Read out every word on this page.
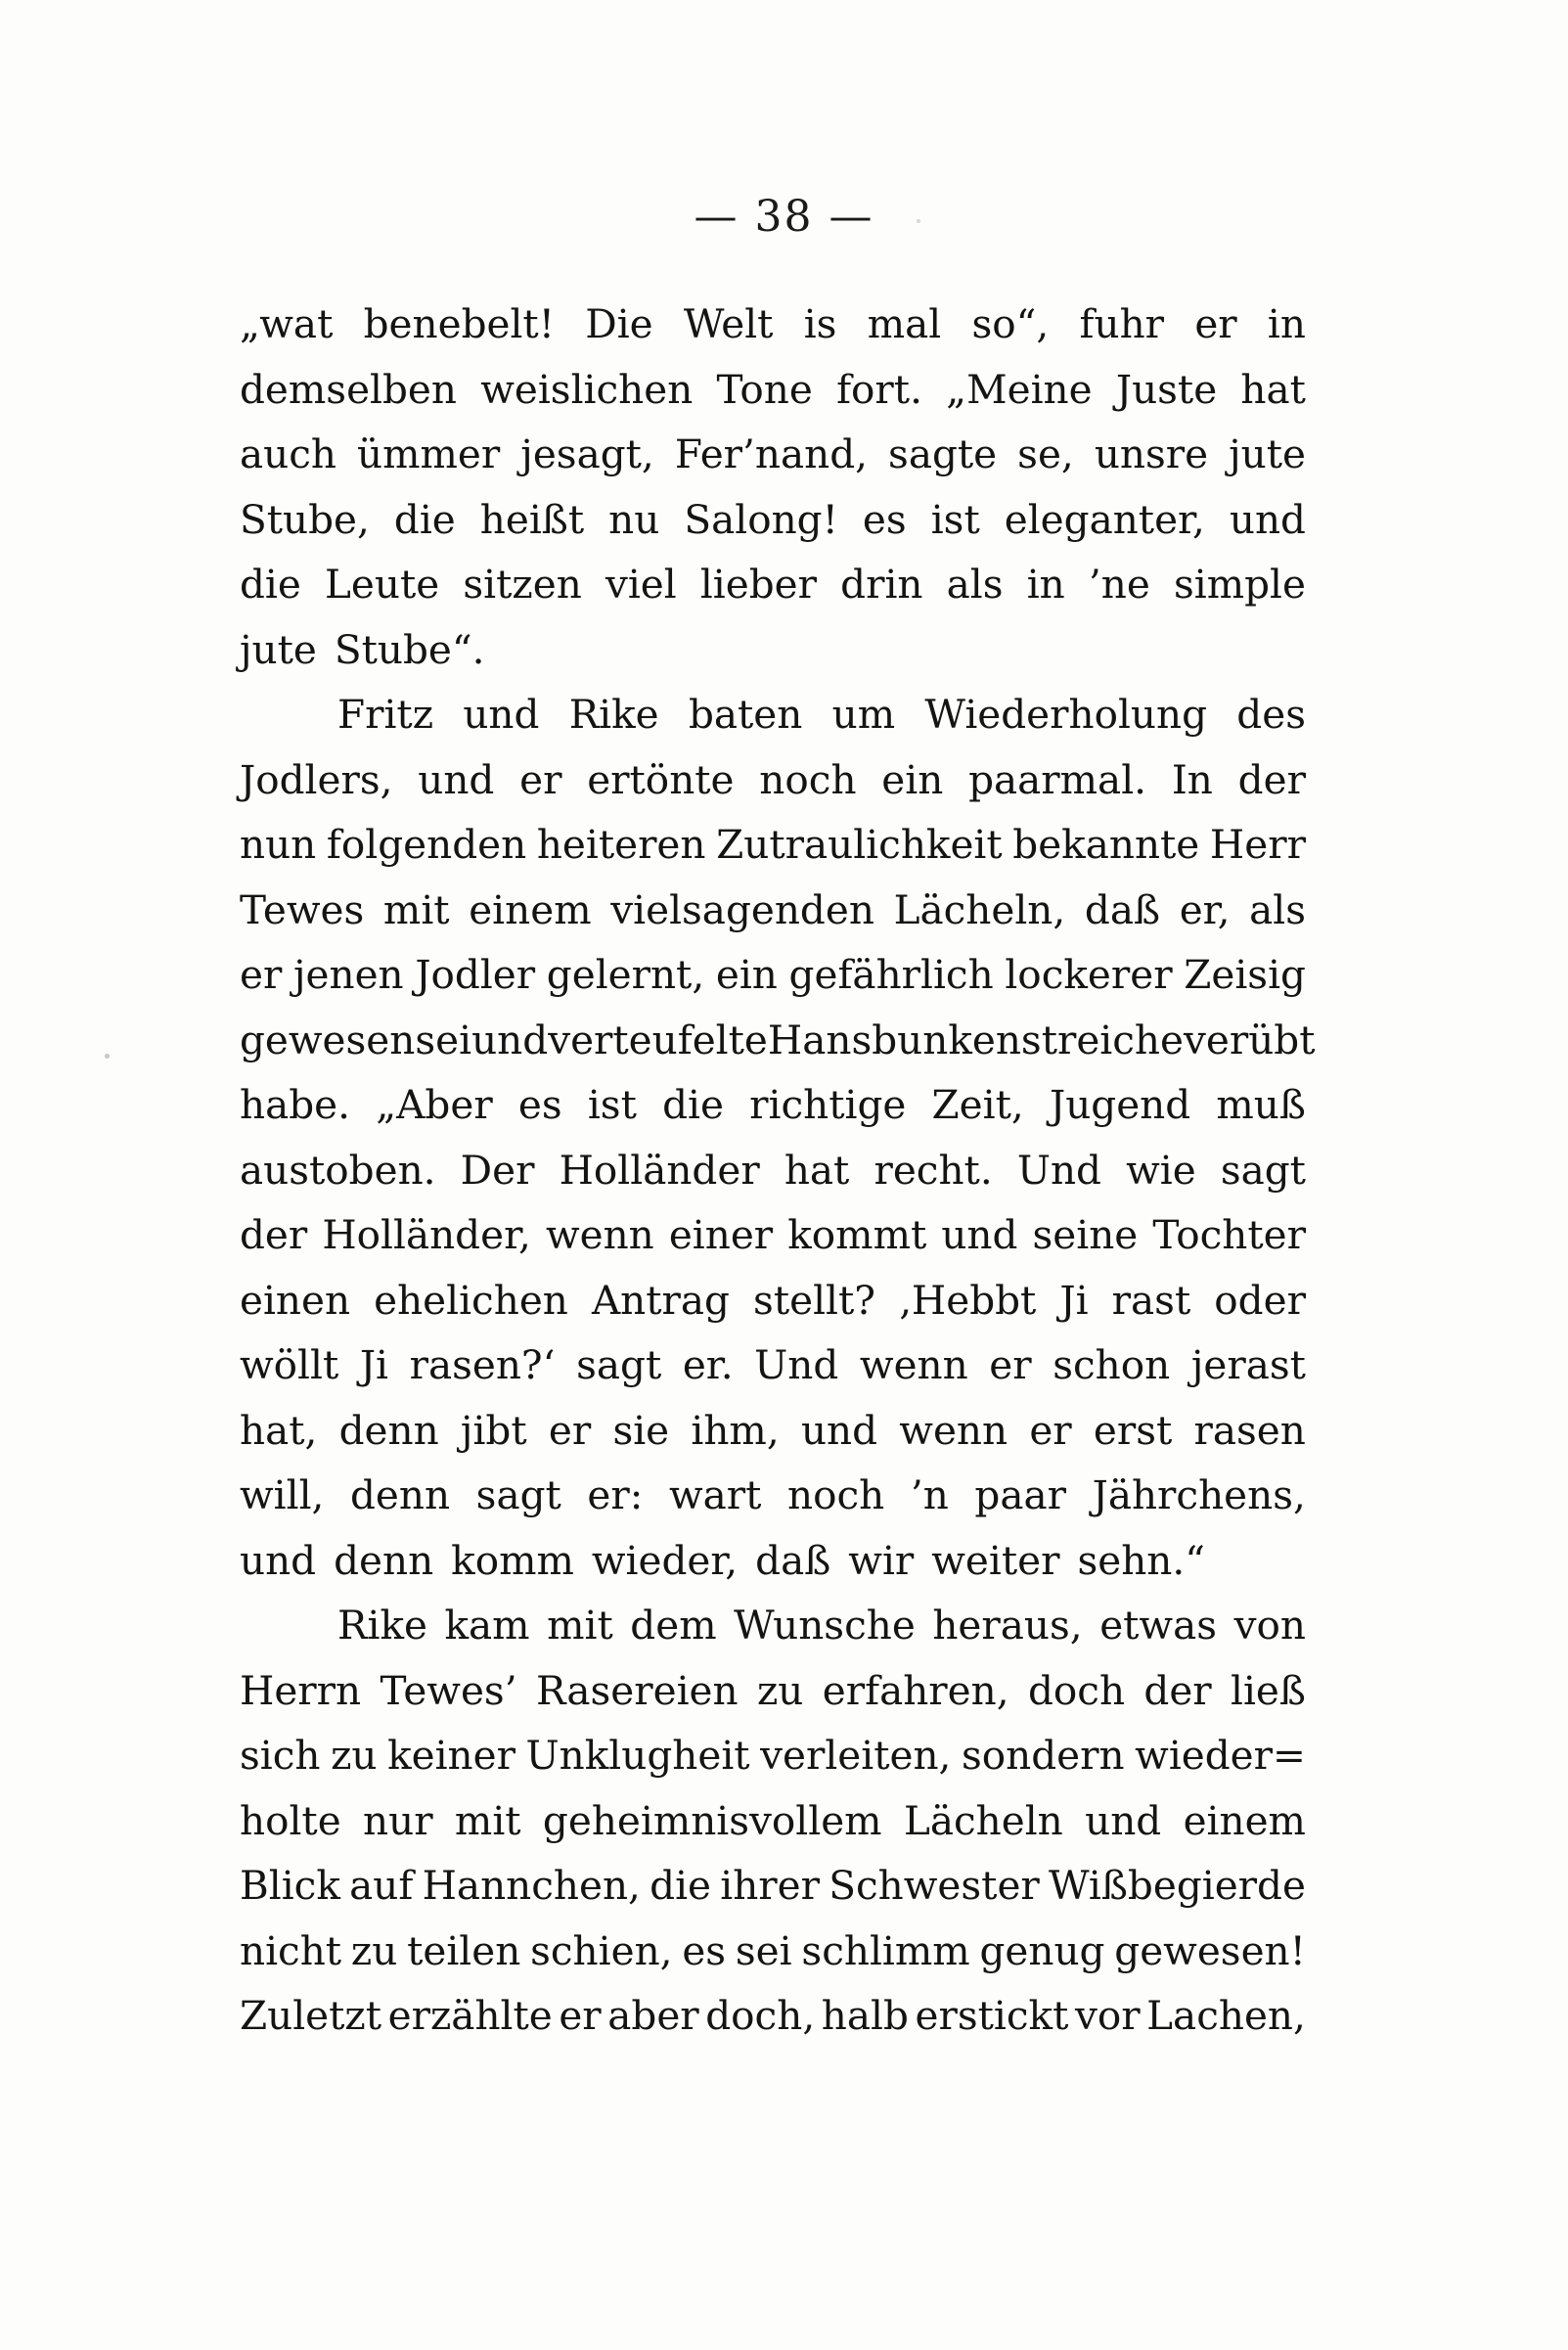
— 38 —
„wat benebelt! Die Welt is mal so“, fuhr er in
demselben weislichen Tone fort. „Meine Juste hat
auch ümmer jesagt, Fer’nand, sagte se, unsre jute
Stube, die heißt nu Salong! es ist eleganter, und
die Leute sitzen viel lieber drin als in ’ne simple
jute Stube“.
Fritz und Rike baten um Wiederholung des
Jodlers, und er ertönte noch ein paarmal. In der
nun folgenden heiteren Zutraulichkeit bekannte Herr
Tewes mit einem vielsagenden Lächeln, daß er, als
er jenen Jodler gelernt, ein gefährlich lockerer Zeisig
gewesen sei und verteufelte Hansbunkenstreiche verübt
habe. „Aber es ist die richtige Zeit, Jugend muß
austoben. Der Holländer hat recht. Und wie sagt
der Holländer, wenn einer kommt und seine Tochter
einen ehelichen Antrag stellt? ‚Hebbt Ji rast oder
wöllt Ji rasen?‘ sagt er. Und wenn er schon jerast
hat, denn jibt er sie ihm, und wenn er erst rasen
will, denn sagt er: wart noch ’n paar Jährchens,
und denn komm wieder, daß wir weiter sehn.“
Rike kam mit dem Wunsche heraus, etwas von
Herrn Tewes’ Rasereien zu erfahren, doch der ließ
sich zu keiner Unklugheit verleiten, sondern wieder=
holte nur mit geheimnisvollem Lächeln und einem
Blick auf Hannchen, die ihrer Schwester Wißbegierde
nicht zu teilen schien, es sei schlimm genug gewesen!
Zuletzt erzählte er aber doch, halb erstickt vor Lachen,
